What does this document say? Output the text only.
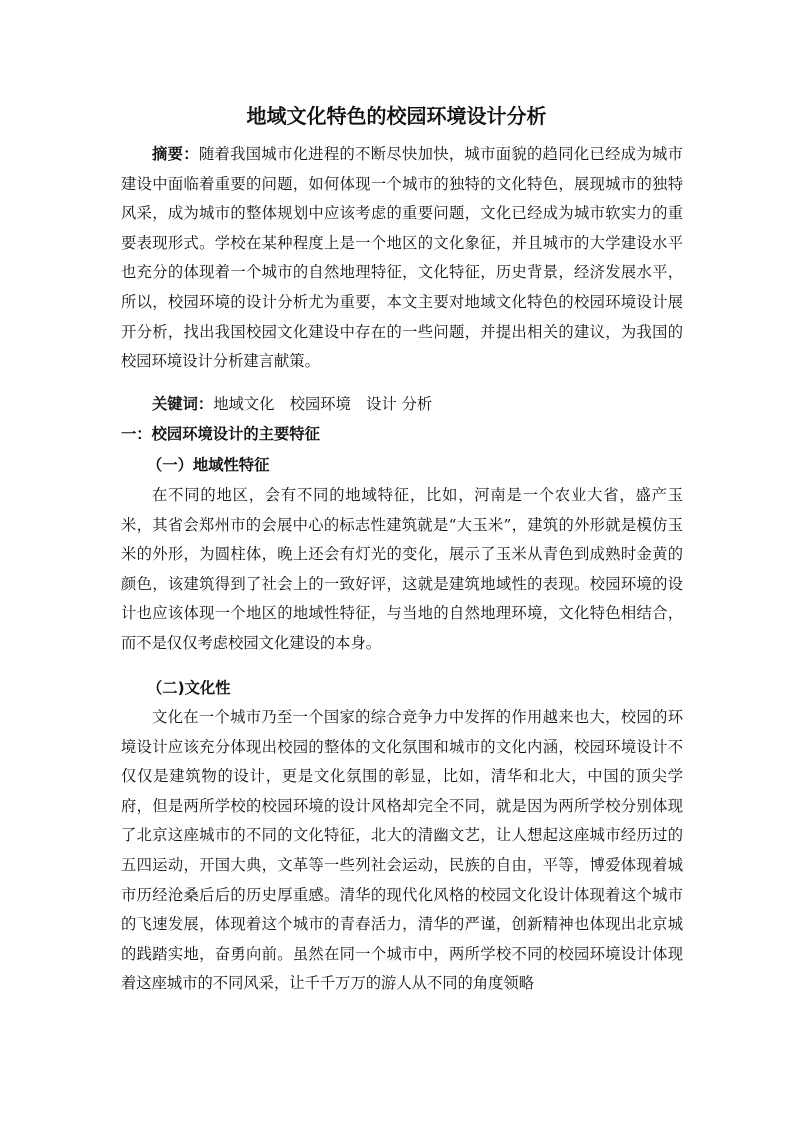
地域文化特色的校园环境设计分析

摘要：随着我国城市化进程的不断尽快加快，城市面貌的趋同化已经成为城市建设中面临着重要的问题，如何体现一个城市的独特的文化特色，展现城市的独特风采，成为城市的整体规划中应该考虑的重要问题，文化已经成为城市软实力的重要表现形式。学校在某种程度上是一个地区的文化象征，并且城市的大学建设水平也充分的体现着一个城市的自然地理特征，文化特征，历史背景，经济发展水平，所以，校园环境的设计分析尤为重要，本文主要对地域文化特色的校园环境设计展开分析，找出我国校园文化建设中存在的一些问题，并提出相关的建议，为我国的校园环境设计分析建言献策。

关键词：地域文化　校园环境　设计 分析

一：校园环境设计的主要特征

（一）地域性特征

在不同的地区，会有不同的地域特征，比如，河南是一个农业大省，盛产玉米，其省会郑州市的会展中心的标志性建筑就是“大玉米”，建筑的外形就是模仿玉米的外形，为圆柱体，晚上还会有灯光的变化，展示了玉米从青色到成熟时金黄的颜色，该建筑得到了社会上的一致好评，这就是建筑地域性的表现。校园环境的设计也应该体现一个地区的地域性特征，与当地的自然地理环境，文化特色相结合，而不是仅仅考虑校园文化建设的本身。

（二)文化性

文化在一个城市乃至一个国家的综合竞争力中发挥的作用越来也大，校园的环境设计应该充分体现出校园的整体的文化氛围和城市的文化内涵，校园环境设计不仅仅是建筑物的设计，更是文化氛围的彰显，比如，清华和北大，中国的顶尖学府，但是两所学校的校园环境的设计风格却完全不同，就是因为两所学校分别体现了北京这座城市的不同的文化特征，北大的清幽文艺，让人想起这座城市经历过的五四运动，开国大典，文革等一些列社会运动，民族的自由，平等，博爱体现着城市历经沧桑后后的历史厚重感。清华的现代化风格的校园文化设计体现着这个城市的飞速发展，体现着这个城市的青春活力，清华的严谨，创新精神也体现出北京城的践踏实地，奋勇向前。虽然在同一个城市中，两所学校不同的校园环境设计体现着这座城市的不同风采，让千千万万的游人从不同的角度领略
